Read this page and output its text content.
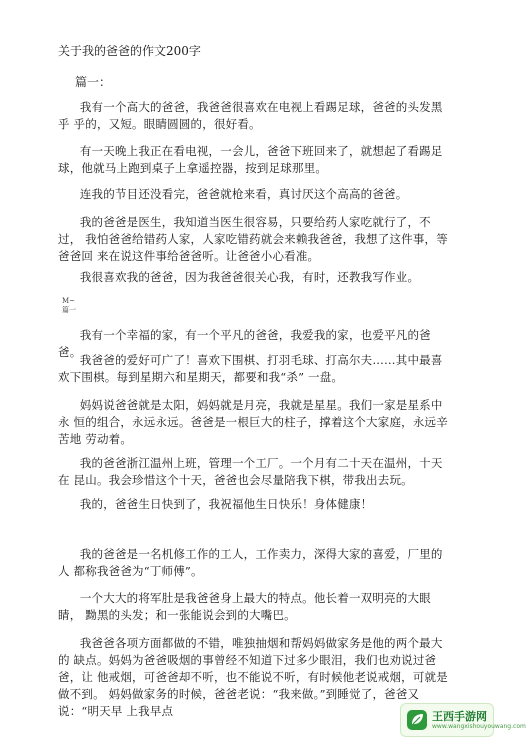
关于我的爸爸的作文200字
篇一：

我有一个高大的爸爸，我爸爸很喜欢在电视上看踢足球，爸爸的头发黑乎 乎的，又短。眼睛圆圆的，很好看。

有一天晚上我正在看电视，一会儿，爸爸下班回来了，就想起了看踢足 球，他就马上跑到桌子上拿遥控器，按到足球那里。

连我的节目还没看完，爸爸就枪来看，真讨厌这个高高的爸爸。

我的爸爸是医生，我知道当医生很容易，只要给药人家吃就行了，不过， 我怕爸爸给错药人家，人家吃错药就会来赖我爸爸，我想了这件事，等爸爸回 来在说这件事给爸爸听。让爸爸小心看准。

我很喜欢我的爸爸，因为我爸爸很关心我，有时，还教我写作业。

M~
篇一

我有一个幸福的家，有一个平凡的爸爸，我爱我的家，也爱平凡的爸爸。

我爸爸的爱好可广了！喜欢下围棋、打羽毛球、打高尔夫……其中最喜欢下围棋。每到星期六和星期天，都要和我“杀” 一盘。

妈妈说爸爸就是太阳，妈妈就是月亮，我就是星星。我们一家是星系中永 恒的组合，永远永远。爸爸是一根巨大的柱子，撑着这个大家庭，永远辛苦地 劳动着。

我的爸爸浙江温州上班，管理一个工厂。一个月有二十天在温州，十天在 昆山。我会珍惜这个十天，爸爸也会尽量陪我下棋，带我出去玩。

我的，爸爸生日快到了，我祝福他生日快乐！身体健康！

我的爸爸是一名机修工作的工人，工作卖力，深得大家的喜爱，厂里的人 都称我爸爸为“丁师傅”。

一个大大的将军肚是我爸爸身上最大的特点。他长着一双明亮的大眼睛， 黝黑的头发；和一张能说会到的大嘴巴。

我爸爸各项方面都做的不错，唯独抽烟和帮妈妈做家务是他的两个最大的 缺点。妈妈为爸爸吸烟的事曾经不知道下过多少眼泪，我们也劝说过爸爸，让 他戒烟，可爸爸却不听，也不能说不听，有时候他老说戒烟，可就是做不到。 妈妈做家务的时候，爸爸老说：“我来做。”到睡觉了，爸爸又说：“明天早 上我早点	王西手游网
www.wangxishouyouwang.com
